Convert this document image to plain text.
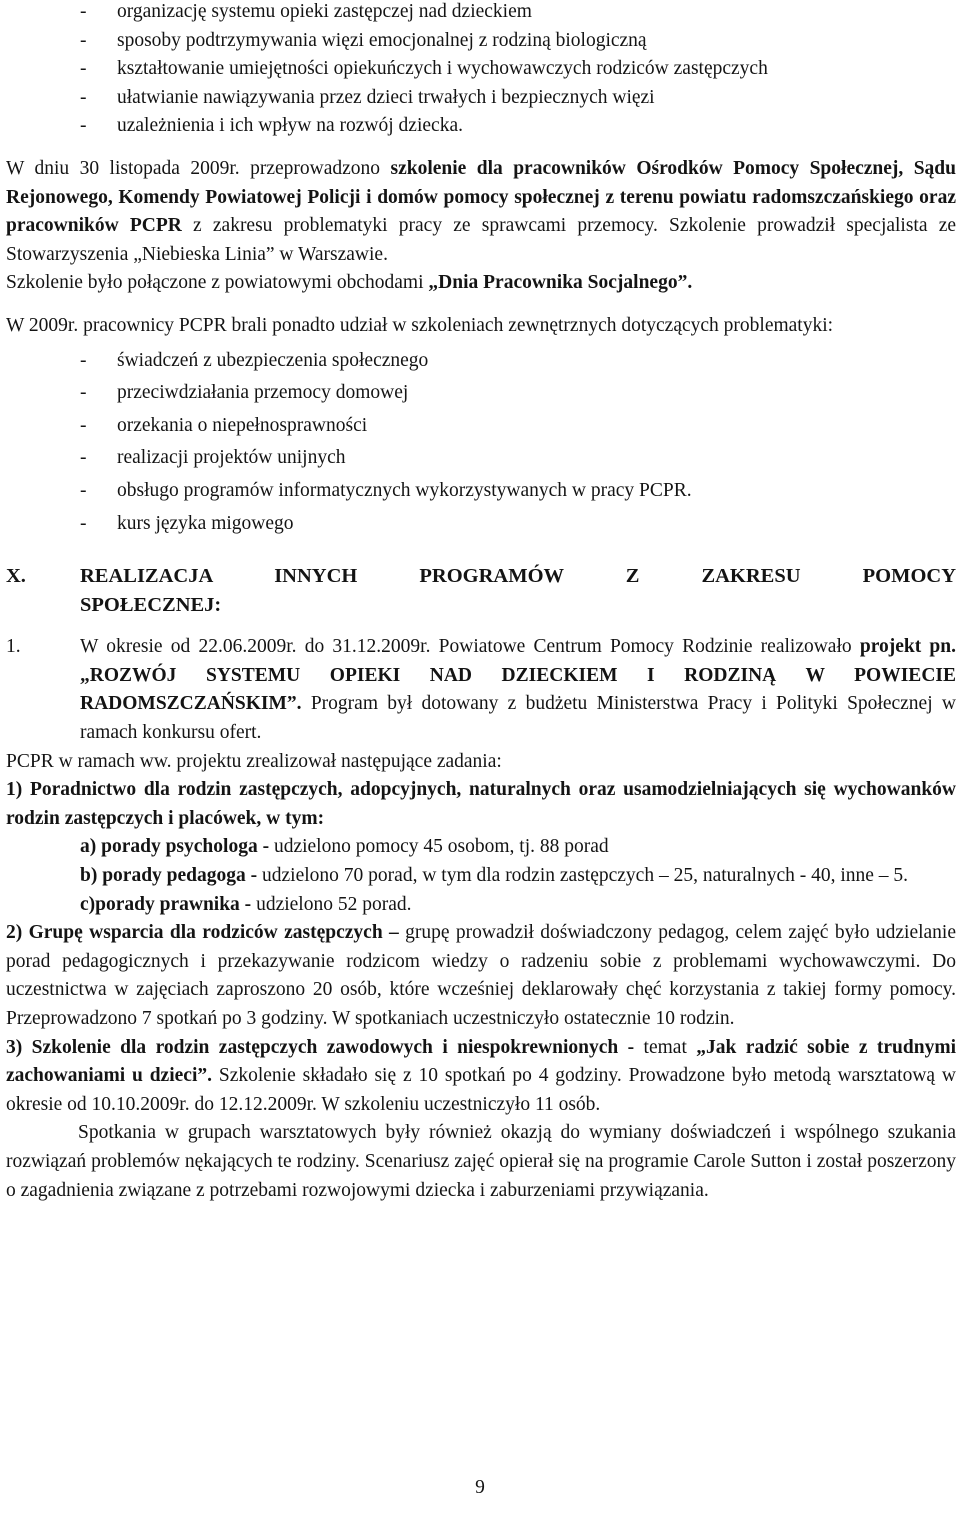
- organizację systemu opieki zastępczej nad dzieckiem
- sposoby podtrzymywania więzi emocjonalnej z rodziną biologiczną
- kształtowanie umiejętności opiekuńczych i wychowawczych rodziców zastępczych
- ułatwianie nawiązywania przez dzieci trwałych i bezpiecznych więzi
- uzależnienia i ich wpływ na rozwój dziecka.

W dniu 30 listopada 2009r. przeprowadzono szkolenie dla pracowników Ośrodków Pomocy Społecznej, Sądu Rejonowego, Komendy Powiatowej Policji i domów pomocy społecznej z terenu powiatu radomszczańskiego oraz pracowników PCPR z zakresu problematyki pracy ze sprawcami przemocy. Szkolenie prowadził specjalista ze Stowarzyszenia „Niebieska Linia” w Warszawie.

Szkolenie było połączone z powiatowymi obchodami „Dnia Pracownika Socjalnego”.

W 2009r. pracownicy PCPR brali ponadto udział w szkoleniach zewnętrznych dotyczących problematyki:

- świadczeń z ubezpieczenia społecznego
- przeciwdziałania przemocy domowej
- orzekania o niepełnosprawności
- realizacji projektów unijnych
- obsługo programów informatycznych wykorzystywanych w pracy PCPR.
- kurs języka migowego
X.	REALIZACJA INNYCH PROGRAMÓW Z ZAKRESU POMOCY
SPOŁECZNEJ:
1.	W okresie od 22.06.2009r. do 31.12.2009r. Powiatowe Centrum Pomocy Rodzinie realizowało projekt pn. „ROZWÓJ SYSTEMU OPIEKI NAD DZIECKIEM I RODZINĄ W POWIECIE RADOMSZCZAŃSKIM”. Program był dotowany z budżetu Ministerstwa Pracy i Polityki Społecznej w ramach konkursu ofert.

PCPR w ramach ww. projektu zrealizował następujące zadania:

1) Poradnictwo dla rodzin zastępczych, adopcyjnych, naturalnych oraz usamodzielniających się wychowanków rodzin zastępczych i placówek, w tym:

a) porady psychologa - udzielono pomocy 45 osobom, tj. 88 porad

b) porady pedagoga - udzielono 70 porad, w tym dla rodzin zastępczych – 25, naturalnych - 40, inne – 5.

c)porady prawnika - udzielono 52 porad.

2) Grupę wsparcia dla rodziców zastępczych – grupę prowadził doświadczony pedagog, celem zajęć było udzielanie porad pedagogicznych i przekazywanie rodzicom wiedzy o radzeniu sobie z problemami wychowawczymi. Do uczestnictwa w zajęciach zaproszono 20 osób, które wcześniej deklarowały chęć korzystania z takiej formy pomocy. Przeprowadzono 7 spotkań po 3 godziny. W spotkaniach uczestniczyło ostatecznie 10 rodzin.

3) Szkolenie dla rodzin zastępczych zawodowych i niespokrewnionych - temat „Jak radzić sobie z trudnymi zachowaniami u dzieci”. Szkolenie składało się z 10 spotkań po 4 godziny. Prowadzone było metodą warsztatową w okresie od 10.10.2009r. do 12.12.2009r. W szkoleniu uczestniczyło 11 osób.

Spotkania w grupach warsztatowych były również okazją do wymiany doświadczeń i wspólnego szukania rozwiązań problemów nękających te rodziny. Scenariusz zajęć opierał się na programie Carole Sutton i został poszerzony o zagadnienia związane z potrzebami rozwojowymi dziecka i zaburzeniami przywiązania.

9
